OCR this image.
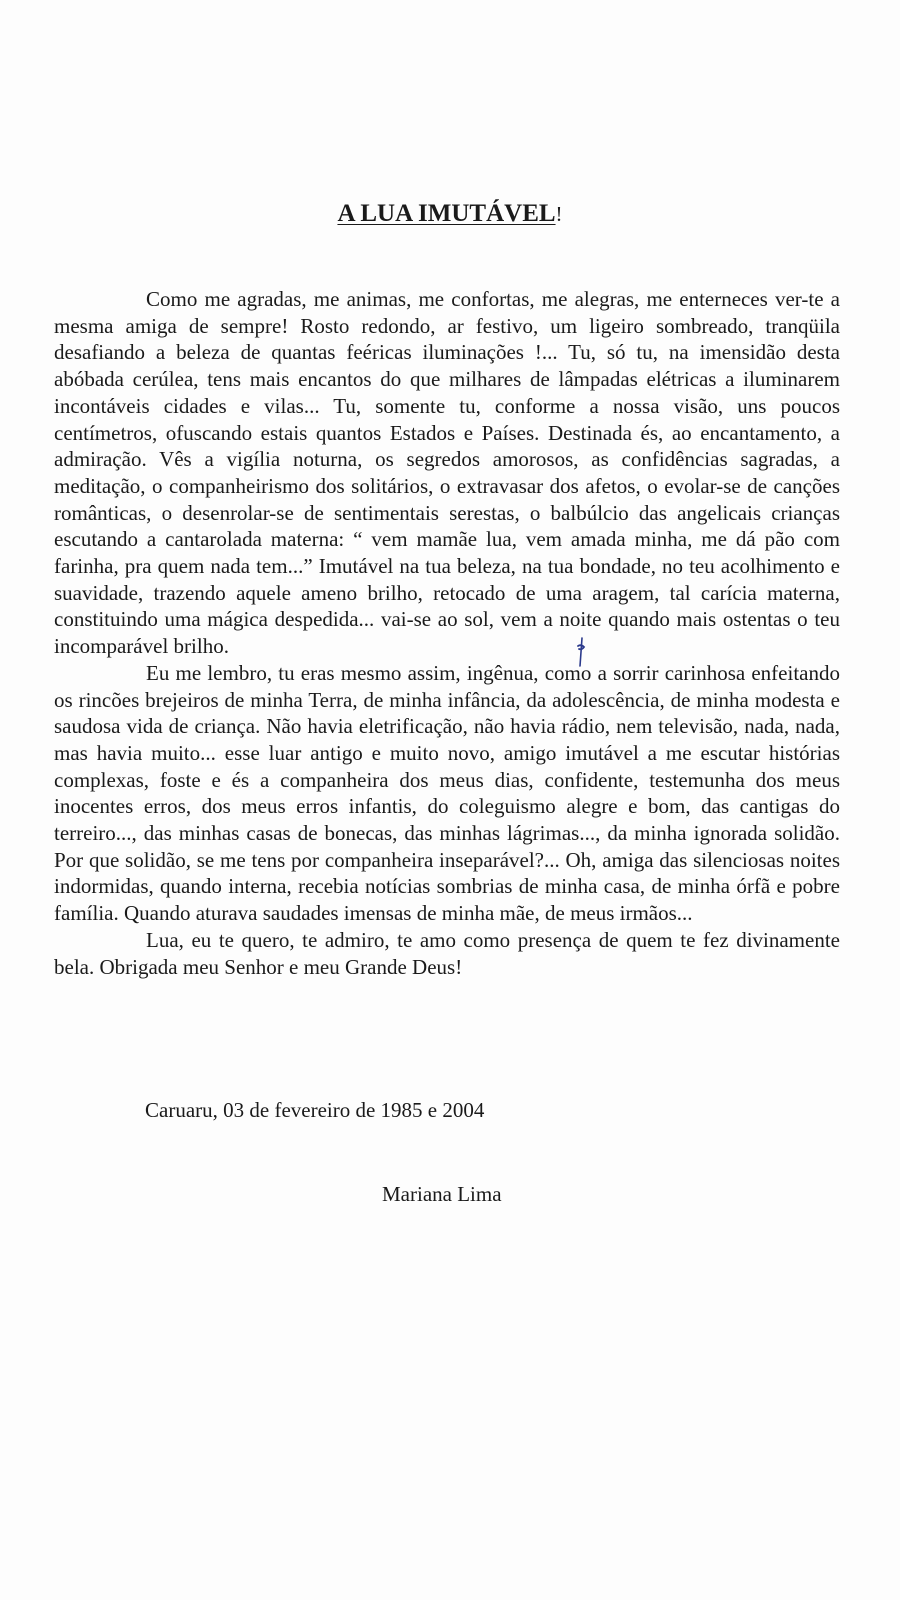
A LUA IMUTÁVEL!

Como me agradas, me animas, me confortas, me alegras, me enterneces ver-te a mesma amiga de sempre! Rosto redondo, ar festivo, um ligeiro sombreado, tranqüila desafiando a beleza de quantas feéricas iluminações !... Tu, só tu, na imensidão desta abóbada cerúlea, tens mais encantos do que milhares de lâmpadas elétricas a iluminarem incontáveis cidades e vilas... Tu, somente tu, conforme a nossa visão, uns poucos centímetros, ofuscando estais quantos Estados e Países. Destinada és, ao encantamento, a admiração. Vês a vigília noturna, os segredos amorosos, as confidências sagradas, a meditação, o companheirismo dos solitários, o extravasar dos afetos, o evolar-se de canções românticas, o desenrolar-se de sentimentais serestas, o balbúlcio das angelicais crianças escutando a cantarolada materna: “ vem mamãe lua, vem amada minha, me dá pão com farinha, pra quem nada tem...” Imutável na tua beleza, na tua bondade, no teu acolhimento e suavidade, trazendo aquele ameno brilho, retocado de uma aragem, tal carícia materna, constituindo uma mágica despedida... vai-se ao sol, vem a noite quando mais ostentas o teu incomparável brilho.

Eu me lembro, tu eras mesmo assim, ingênua, como a sorrir carinhosa enfeitando os rincões brejeiros de minha Terra, de minha infância, da adolescência, de minha modesta e saudosa vida de criança. Não havia eletrificação, não havia rádio, nem televisão, nada, nada, mas havia muito... esse luar antigo e muito novo, amigo imutável a me escutar histórias complexas, foste e és a companheira dos meus dias, confidente, testemunha dos meus inocentes erros, dos meus erros infantis, do coleguismo alegre e bom, das cantigas do terreiro..., das minhas casas de bonecas, das minhas lágrimas..., da minha ignorada solidão. Por que solidão, se me tens por companheira inseparável?... Oh, amiga das silenciosas noites indormidas, quando interna, recebia notícias sombrias de minha casa, de minha órfã e pobre família. Quando aturava saudades imensas de minha mãe, de meus irmãos...

Lua, eu te quero, te admiro, te amo como presença de quem te fez divinamente bela. Obrigada meu Senhor e meu Grande Deus!

Caruaru, 03 de fevereiro de 1985 e 2004
Mariana Lima
